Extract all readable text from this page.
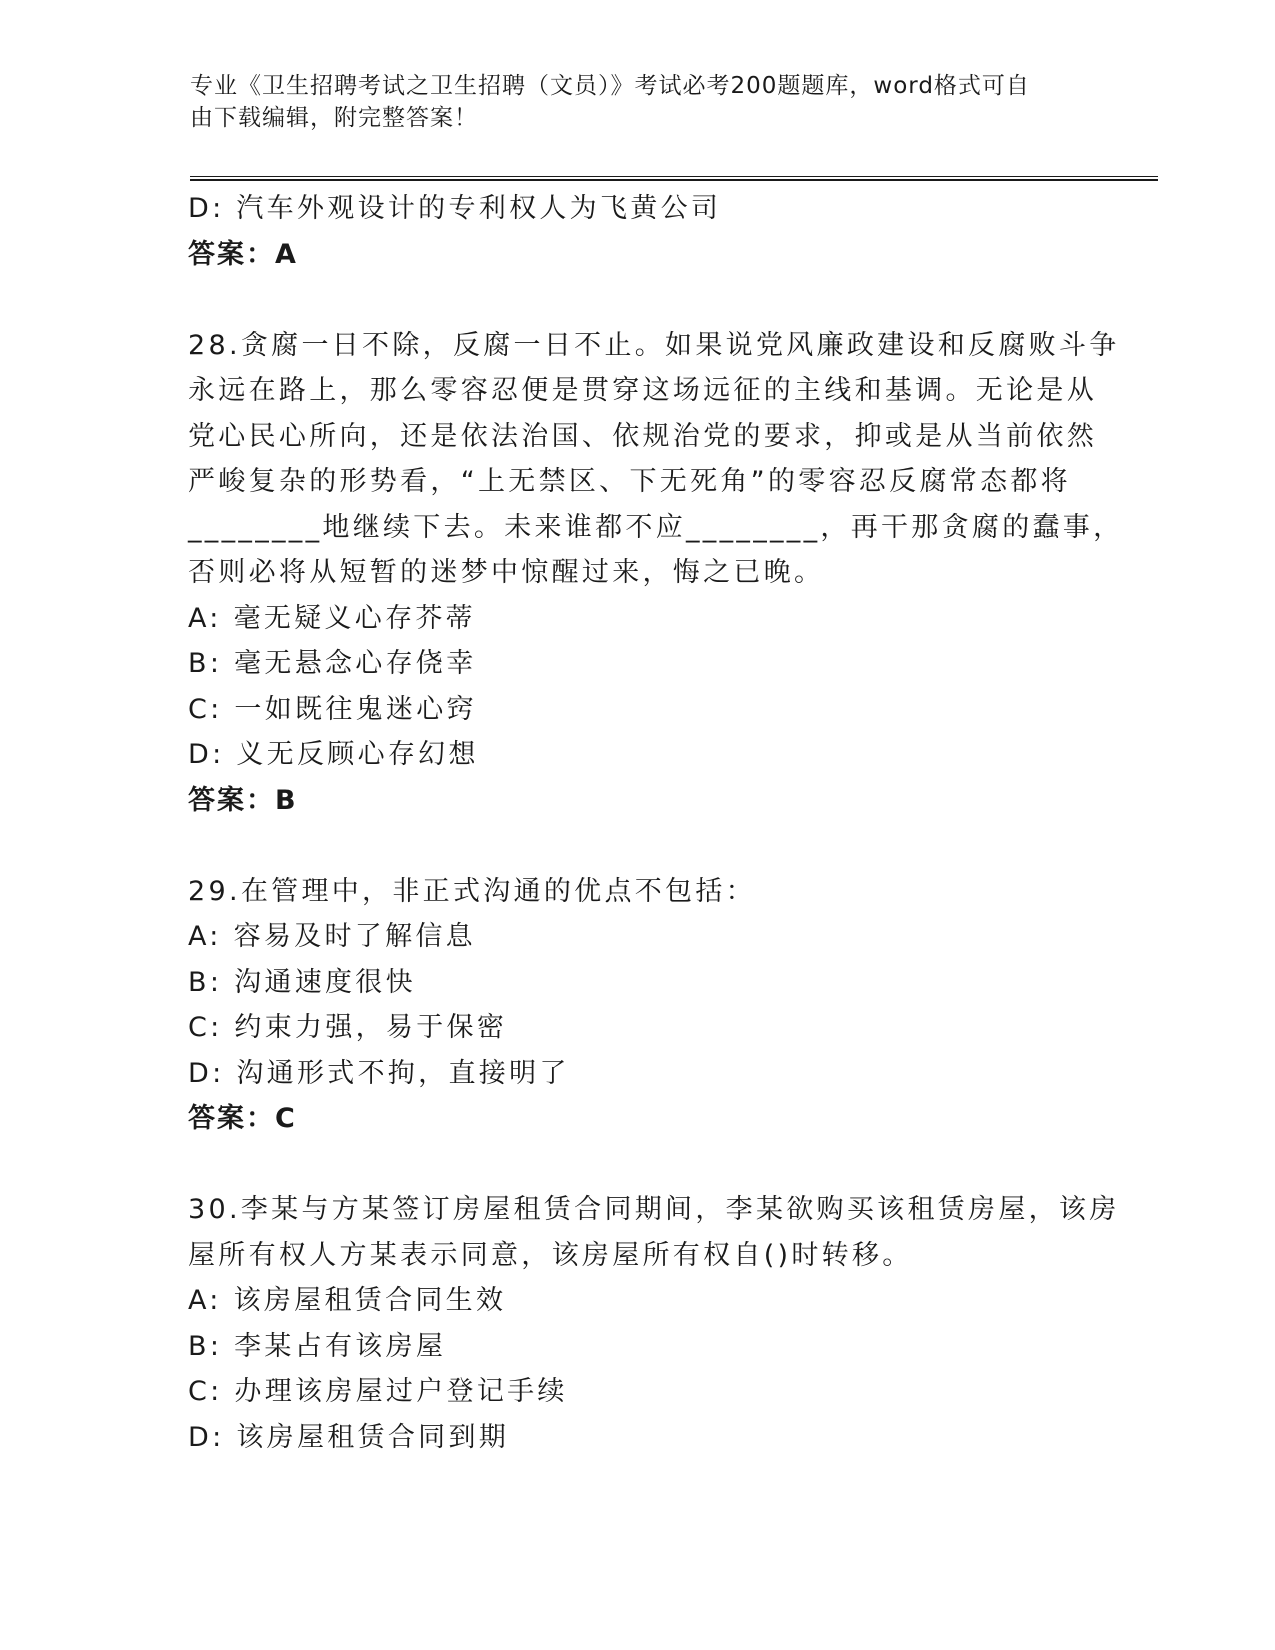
专业《卫生招聘考试之卫生招聘（文员）》考试必考200题题库，word格式可自
由下载编辑，附完整答案！
D: 汽车外观设计的专利权人为飞黄公司
答案：A
28.贪腐一日不除，反腐一日不止。如果说党风廉政建设和反腐败斗争
永远在路上，那么零容忍便是贯穿这场远征的主线和基调。无论是从
党心民心所向，还是依法治国、依规治党的要求，抑或是从当前依然
严峻复杂的形势看，“上无禁区、下无死角”的零容忍反腐常态都将
________地继续下去。未来谁都不应________，再干那贪腐的蠢事，
否则必将从短暂的迷梦中惊醒过来，悔之已晚。
A: 毫无疑义心存芥蒂
B: 毫无悬念心存侥幸
C: 一如既往鬼迷心窍
D: 义无反顾心存幻想
答案：B
29.在管理中，非正式沟通的优点不包括：
A: 容易及时了解信息
B: 沟通速度很快
C: 约束力强，易于保密
D: 沟通形式不拘，直接明了
答案：C
30.李某与方某签订房屋租赁合同期间，李某欲购买该租赁房屋，该房
屋所有权人方某表示同意，该房屋所有权自()时转移。
A: 该房屋租赁合同生效
B: 李某占有该房屋
C: 办理该房屋过户登记手续
D: 该房屋租赁合同到期
